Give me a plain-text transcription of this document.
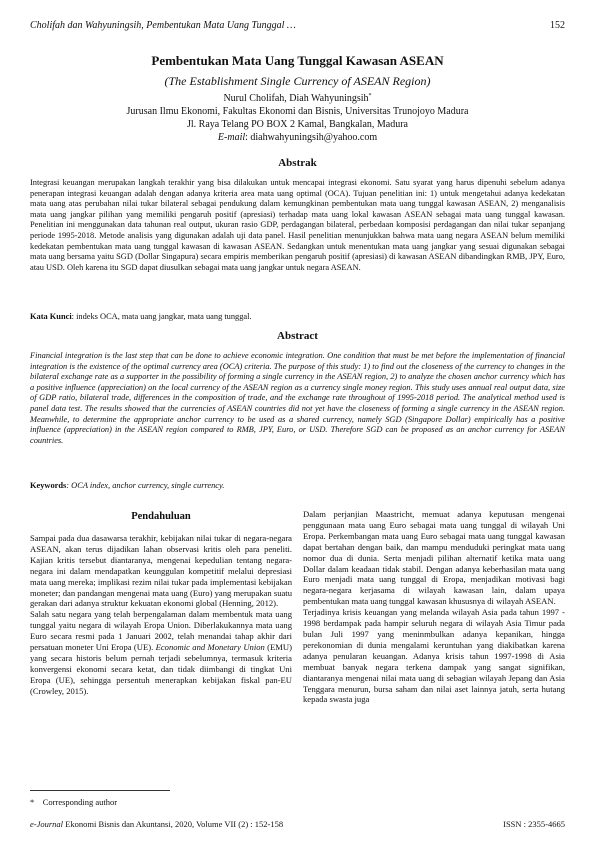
Cholifah dan Wahyuningsih, Pembentukan Mata Uang Tunggal …	152
Pembentukan Mata Uang Tunggal Kawasan ASEAN
(The Establishment Single Currency of ASEAN Region)
Nurul Cholifah, Diah Wahyuningsih*
Jurusan Ilmu Ekonomi, Fakultas Ekonomi dan Bisnis, Universitas Trunojoyo Madura
Jl. Raya Telang PO BOX 2 Kamal, Bangkalan, Madura
E-mail: diahwahyuningsih@yahoo.com
Abstrak
Integrasi keuangan merupakan langkah terakhir yang bisa dilakukan untuk mencapai integrasi ekonomi. Satu syarat yang harus dipenuhi sebelum adanya penerapan integrasi keuangan adalah dengan adanya kriteria area mata uang optimal (OCA). Tujuan penelitian ini: 1) untuk mengetahui adanya kedekatan mata uang atas perubahan nilai tukar bilateral sebagai pendukung dalam kemungkinan pembentukan mata uang tunggal kawasan ASEAN, 2) menganalisis mata uang jangkar pilihan yang memiliki pengaruh positif (apresiasi) terhadap mata uang lokal kawasan ASEAN sebagai mata uang tunggal kawasan. Penelitian ini menggunakan data tahunan real output, ukuran rasio GDP, perdagangan bilateral, perbedaan komposisi perdagangan dan nilai tukar sepanjang periode 1995-2018. Metode analisis yang digunakan adalah uji data panel. Hasil penelitian menunjukkan bahwa mata uang negara ASEAN belum memiliki kedekatan pembentukan mata uang tunggal kawasan di kawasan ASEAN. Sedangkan untuk menentukan mata uang jangkar yang sesuai digunakan sebagai mata uang bersama yaitu SGD (Dollar Singapura) secara empiris memberikan pengaruh positif (apresiasi) di kawasan ASEAN dibandingkan RMB, JPY, Euro, atau USD. Oleh karena itu SGD dapat diusulkan sebagai mata uang jangkar untuk negara ASEAN.
Kata Kunci: indeks OCA, mata uang jangkar, mata uang tunggal.
Abstract
Financial integration is the last step that can be done to achieve economic integration. One condition that must be met before the implementation of financial integration is the existence of the optimal currency area (OCA) criteria. The purpose of this study: 1) to find out the closeness of the currency to changes in the bilateral exchange rate as a supporter in the possibility of forming a single currency in the ASEAN region, 2) to analyze the chosen anchor currency which has a positive influence (appreciation) on the local currency of the ASEAN region as a currency single money region. This study uses annual real output data, size of GDP ratio, bilateral trade, differences in the composition of trade, and the exchange rate throughout of 1995-2018 period. The analytical method used is panel data test. The results showed that the currencies of ASEAN countries did not yet have the closeness of forming a single currency in the ASEAN region. Meanwhile, to determine the appropriate anchor currency to be used as a shared currency, namely SGD (Singapore Dollar) empirically has a positive influence (appreciation) in the ASEAN region compared to RMB, JPY, Euro, or USD. Therefore SGD can be proposed as an anchor currency for ASEAN countries.
Keywords: OCA index, anchor currency, single currency.
Pendahuluan

Sampai pada dua dasawarsa terakhir, kebijakan nilai tukar di negara-negara ASEAN, akan terus dijadikan lahan observasi kritis oleh para peneliti. Kajian kritis tersebut diantaranya, mengenai kepedulian tentang negara-negara ini dalam mendapatkan keunggulan kompetitif melalui depresiasi mata uang mereka; implikasi rezim nilai tukar pada implementasi kebijakan moneter; dan pandangan mengenai mata uang (Euro) yang merupakan suatu gerakan dari adanya struktur kekuatan ekonomi global (Henning, 2012).

Salah satu negara yang telah berpengalaman dalam membentuk mata uang tunggal yaitu negara di wilayah Eropa Union. Diberlakukannya mata uang Euro secara resmi pada 1 Januari 2002, telah menandai tahap akhir dari persatuan moneter Uni Eropa (UE). Economic and Monetary Union (EMU) yang secara historis belum pernah terjadi sebelumnya, termasuk kriteria konvergensi ekonomi secara ketat, dan tidak diimbangi di tingkat Uni Eropa (UE), sehingga persentuh menerapkan kebijakan fiskal pan-EU (Crowley, 2015).

Dalam perjanjian Maastricht, memuat adanya keputusan mengenai penggunaan mata uang Euro sebagai mata uang tunggal di wilayah Uni Eropa. Perkembangan mata uang Euro sebagai mata uang tunggal kawasan dapat bertahan dengan baik, dan mampu menduduki peringkat mata uang nomor dua di dunia. Serta menjadi pilihan alternatif ketika mata uang Dollar dalam keadaan tidak stabil. Dengan adanya keberhasilan mata uang Euro menjadi mata uang tunggal di Eropa, menjadikan motivasi bagi negara-negara kerjasama di wilayah kawasan lain, dalam upaya pembentukan mata uang tunggal kawasan khususnya di wilayah ASEAN.

Terjadinya krisis keuangan yang melanda wilayah Asia pada tahun 1997 - 1998 berdampak pada hampir seluruh negara di wilayah Asia Timur pada bulan Juli 1997 yang meninmbulkan adanya kepanikan, hingga perekonomian di dunia mengalami keruntuhan yang diakibatkan karena adanya penularan keuangan. Adanya krisis tahun 1997-1998 di Asia membuat banyak negara terkena dampak yang sangat signifikan, diantaranya mengenai nilai mata uang di sebagian wilayah Jepang dan Asia Tenggara menurun, bursa saham dan nilai aset lainnya jatuh, serta hutang kepada swasta juga

*    Corresponding author
e-Journal Ekonomi Bisnis dan Akuntansi, 2020, Volume VII (2) : 152-158	ISSN : 2355-4665
